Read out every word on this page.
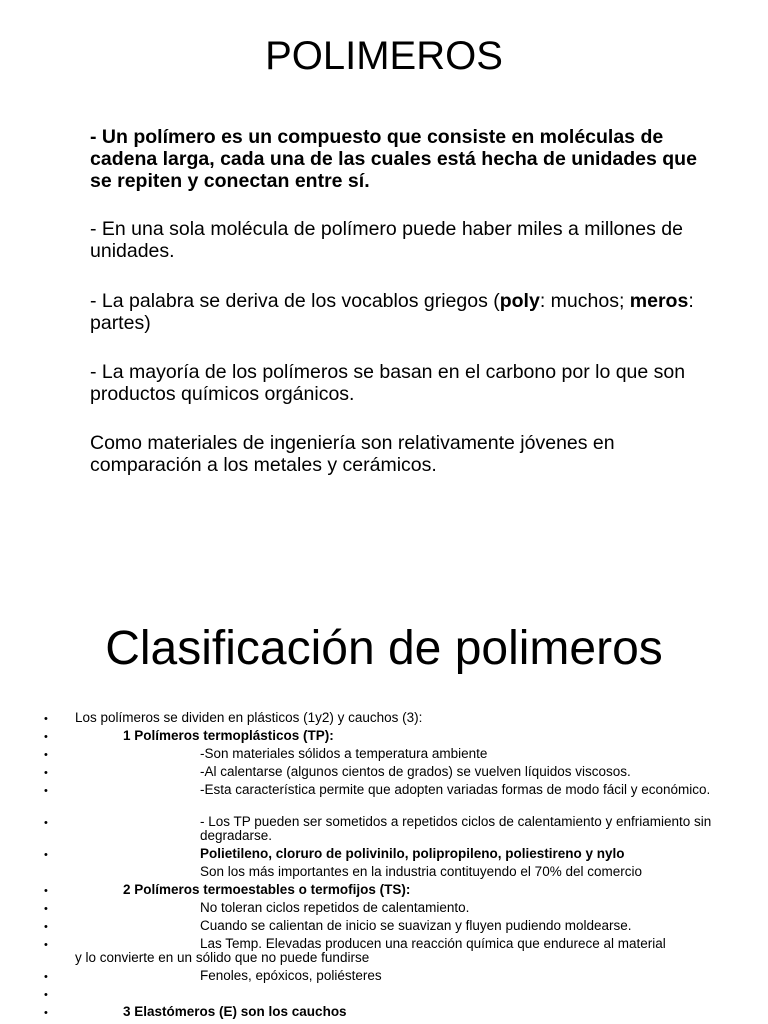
POLIMEROS
- Un polímero es un compuesto que consiste en moléculas de cadena larga, cada una de las cuales está hecha de unidades que se repiten y conectan entre sí.
- En una sola molécula de polímero puede haber miles a millones de unidades.
- La palabra se deriva de los vocablos griegos (poly: muchos; meros: partes)
- La mayoría de los polímeros se basan en el carbono por lo que son productos químicos orgánicos.
Como materiales de ingeniería son relativamente jóvenes en comparación a los metales y cerámicos.
Clasificación de polimeros
•	Los polímeros se dividen en plásticos (1y2) y cauchos (3):
•	1 Polímeros termoplásticos (TP):
•	-Son materiales sólidos a temperatura ambiente
•	-Al calentarse (algunos cientos de grados) se vuelven líquidos viscosos.
•	-Esta característica permite que adopten variadas formas de modo fácil y económico.
•	- Los TP pueden ser sometidos a repetidos ciclos de calentamiento y enfriamiento sin degradarse.
•	Polietileno, cloruro de polivinilo, polipropileno, poliestireno y nylo
Son los más importantes en la industria contituyendo el 70% del comercio
•	2 Polímeros termoestables o termofijos (TS):
•	No toleran ciclos repetidos de calentamiento.
•	Cuando se calientan de inicio se suavizan y fluyen pudiendo moldearse.
•	Las Temp. Elevadas producen una reacción química que endurece al material
y lo convierte en un sólido que no puede fundirse
•	Fenoles, epóxicos, poliésteres
•
•	3 Elastómeros (E) son los cauchos
